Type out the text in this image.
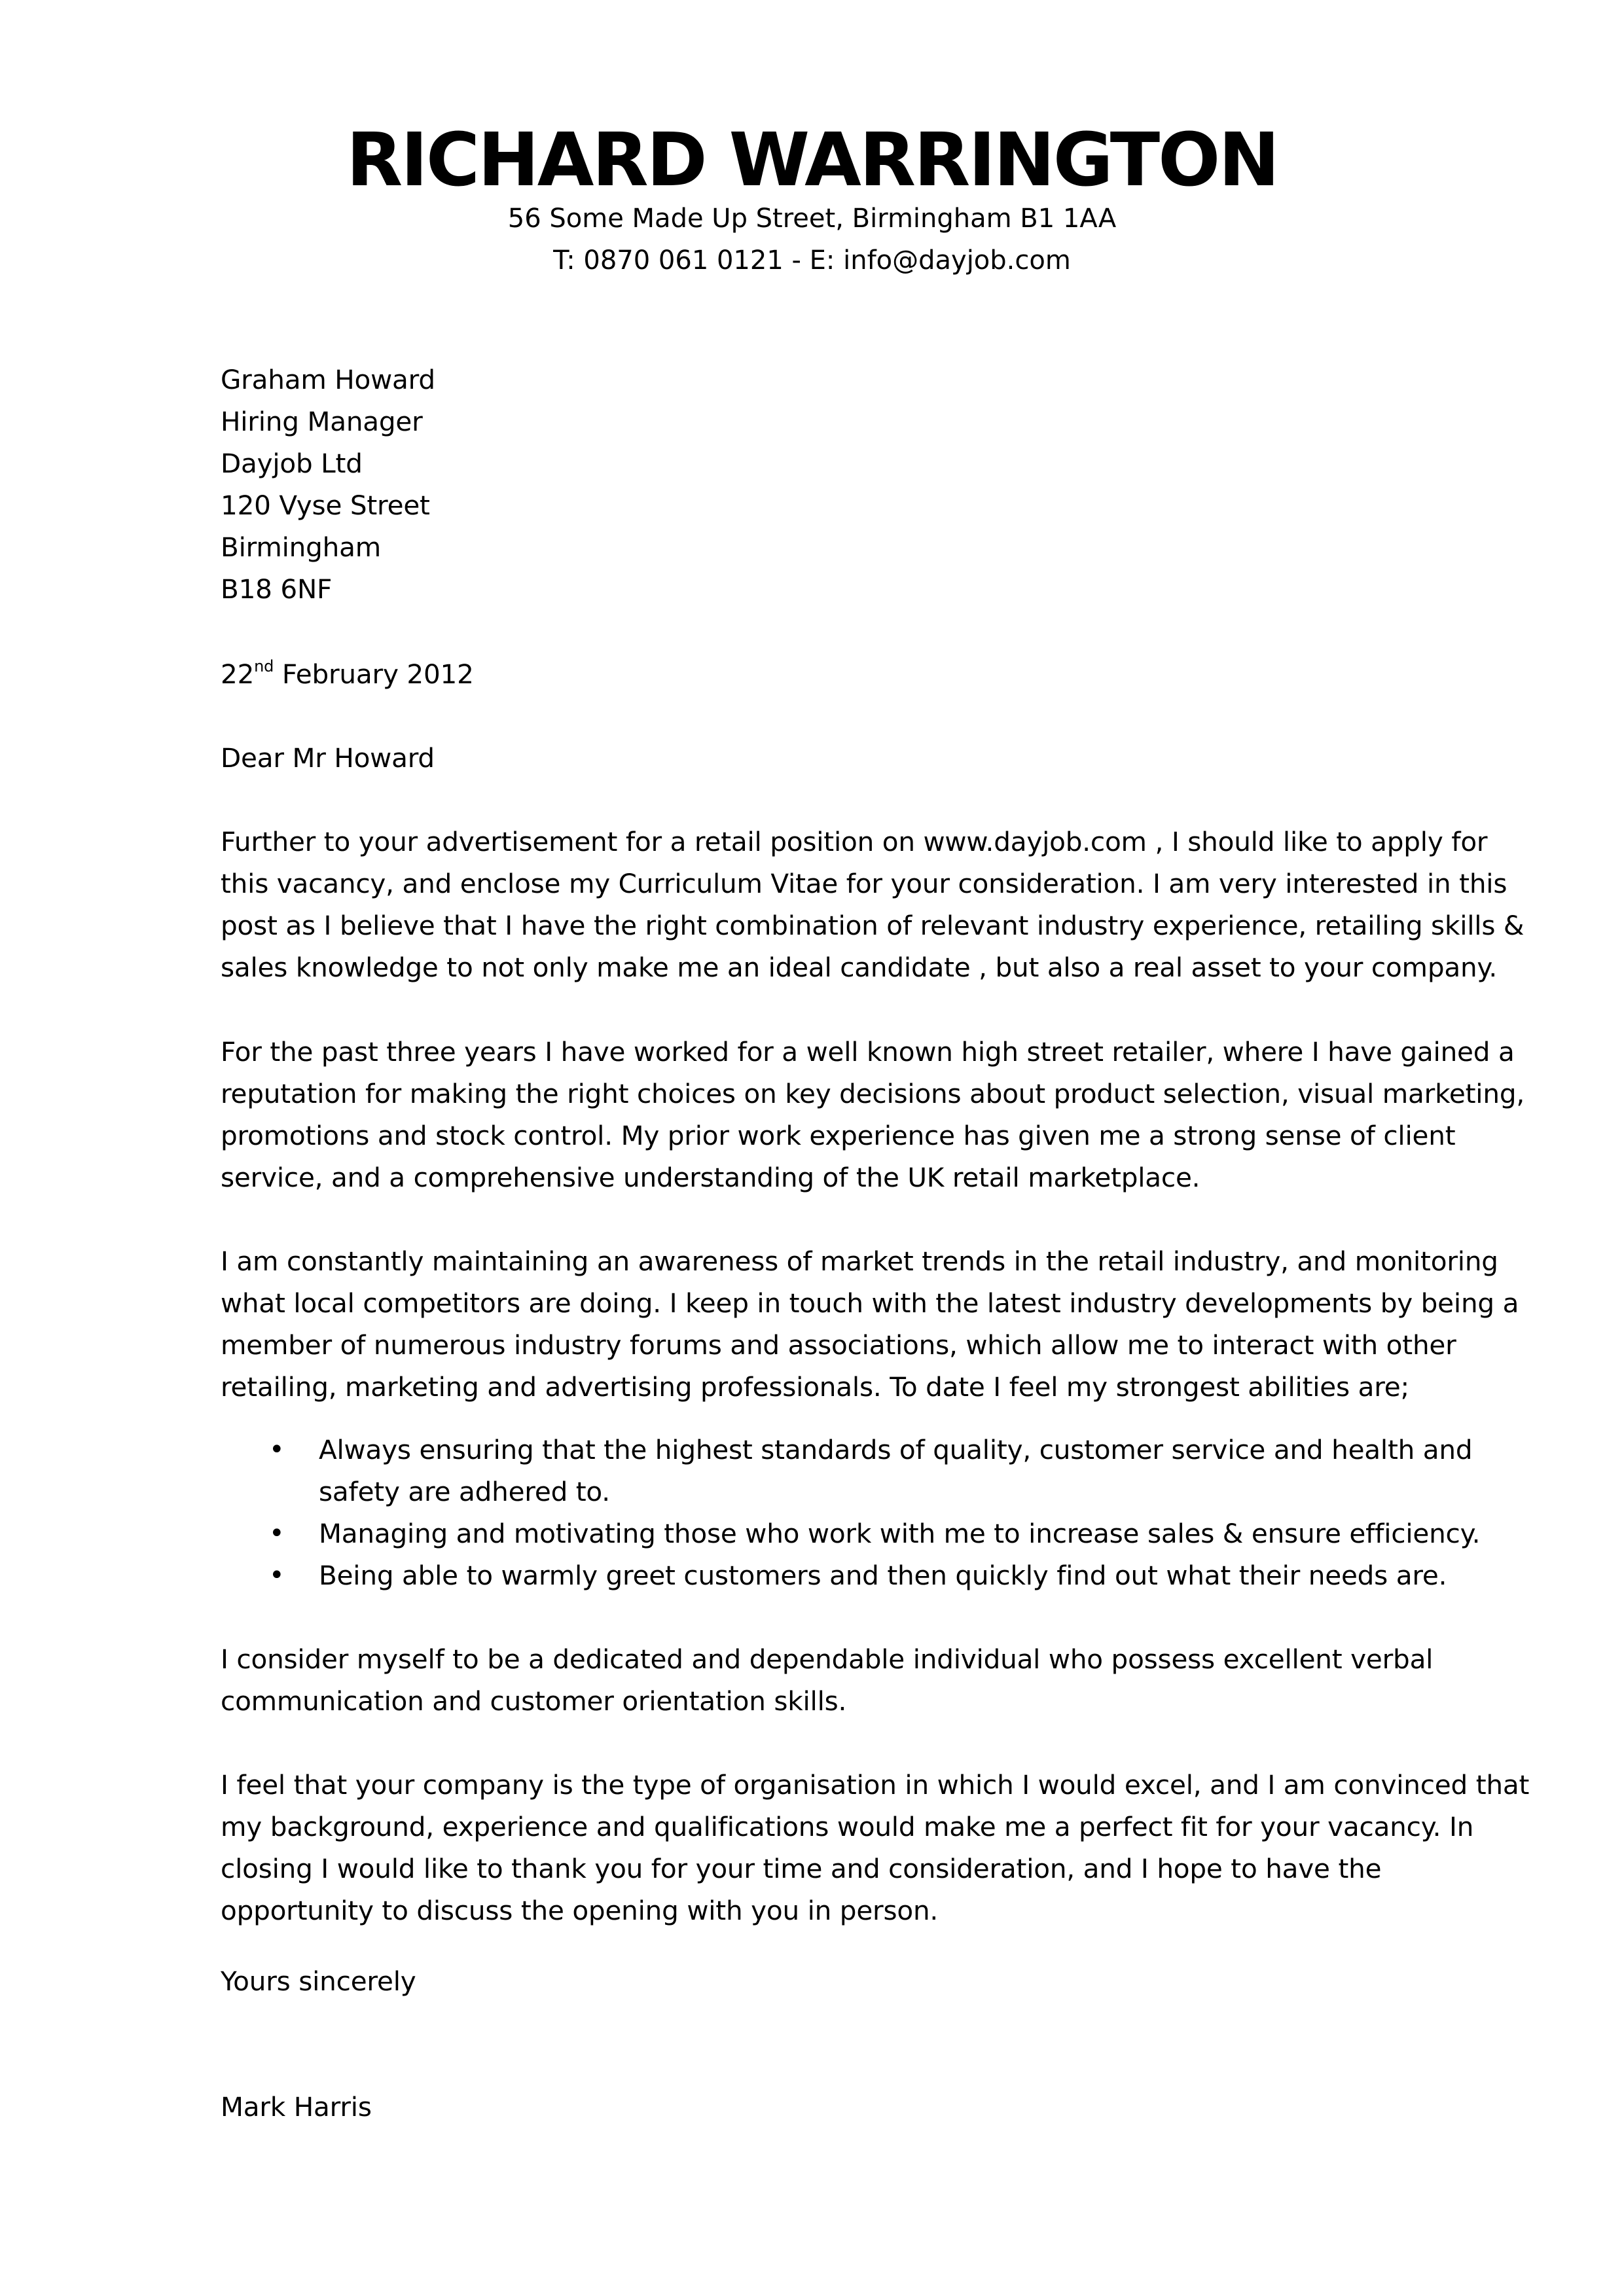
RICHARD WARRINGTON
56 Some Made Up Street, Birmingham B1 1AA
T: 0870 061 0121 - E: info@dayjob.com
Graham Howard
Hiring Manager
Dayjob Ltd
120 Vyse Street
Birmingham
B18 6NF
22nd February 2012
Dear Mr Howard
Further to your advertisement for a retail position on www.dayjob.com , I should like to apply for
this vacancy, and enclose my Curriculum Vitae for your consideration. I am very interested in this
post as I believe that I have the right combination of relevant industry experience, retailing skills &
sales knowledge to not only make me an ideal candidate , but also a real asset to your company.
For the past three years I have worked for a well known high street retailer, where I have gained a
reputation for making the right choices on key decisions about product selection, visual marketing,
promotions and stock control. My prior work experience has given me a strong sense of client
service, and a comprehensive understanding of the UK retail marketplace.
I am constantly maintaining an awareness of market trends in the retail industry, and monitoring
what local competitors are doing. I keep in touch with the latest industry developments by being a
member of numerous industry forums and associations, which allow me to interact with other
retailing, marketing and advertising professionals. To date I feel my strongest abilities are;
•	Always ensuring that the highest standards of quality, customer service and health and
safety are adhered to.
•	Managing and motivating those who work with me to increase sales & ensure efficiency.
•	Being able to warmly greet customers and then quickly find out what their needs are.
I consider myself to be a dedicated and dependable individual who possess excellent verbal
communication and customer orientation skills.
I feel that your company is the type of organisation in which I would excel, and I am convinced that
my background, experience and qualifications would make me a perfect fit for your vacancy. In
closing I would like to thank you for your time and consideration, and I hope to have the
opportunity to discuss the opening with you in person.
Yours sincerely
Mark Harris
